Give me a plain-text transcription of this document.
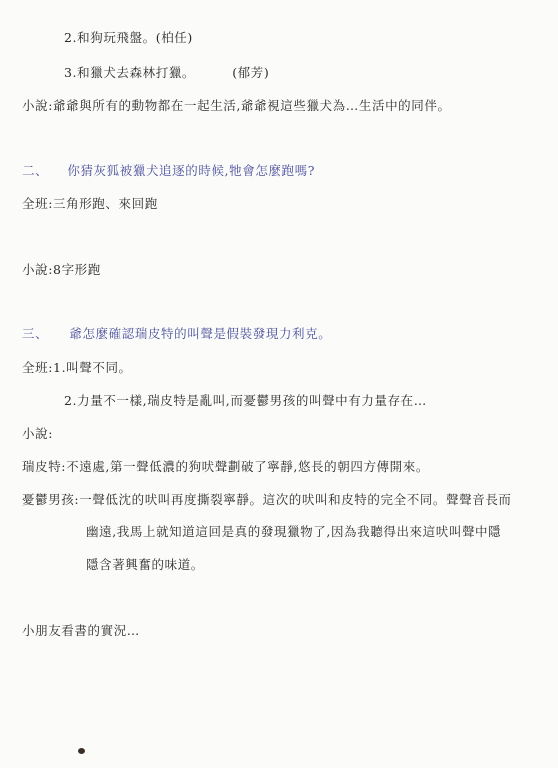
2.和狗玩飛盤。(柏任)
3.和獵犬去森林打獵。	(郁芳)
小說:爺爺與所有的動物都在一起生活,爺爺視這些獵犬為…生活中的同伴。
二、 你猜灰狐被獵犬追逐的時候,牠會怎麼跑嗎?
全班:三角形跑、來回跑
小說:8字形跑
三、 爺怎麼確認瑞皮特的叫聲是假裝發現力利克。
全班:1.叫聲不同。
2.力量不一樣,瑞皮特是亂叫,而憂鬱男孩的叫聲中有力量存在…
小說:
瑞皮特:不遠處,第一聲低濃的狗吠聲劃破了寧靜,悠長的朝四方傳開來。
憂鬱男孩:一聲低沈的吠叫再度撕裂寧靜。這次的吠叫和皮特的完全不同。聲聲音長而
幽遠,我馬上就知道這回是真的發現獵物了,因為我聽得出來這吠叫聲中隱
隱含著興奮的味道。
小朋友看書的實況…
